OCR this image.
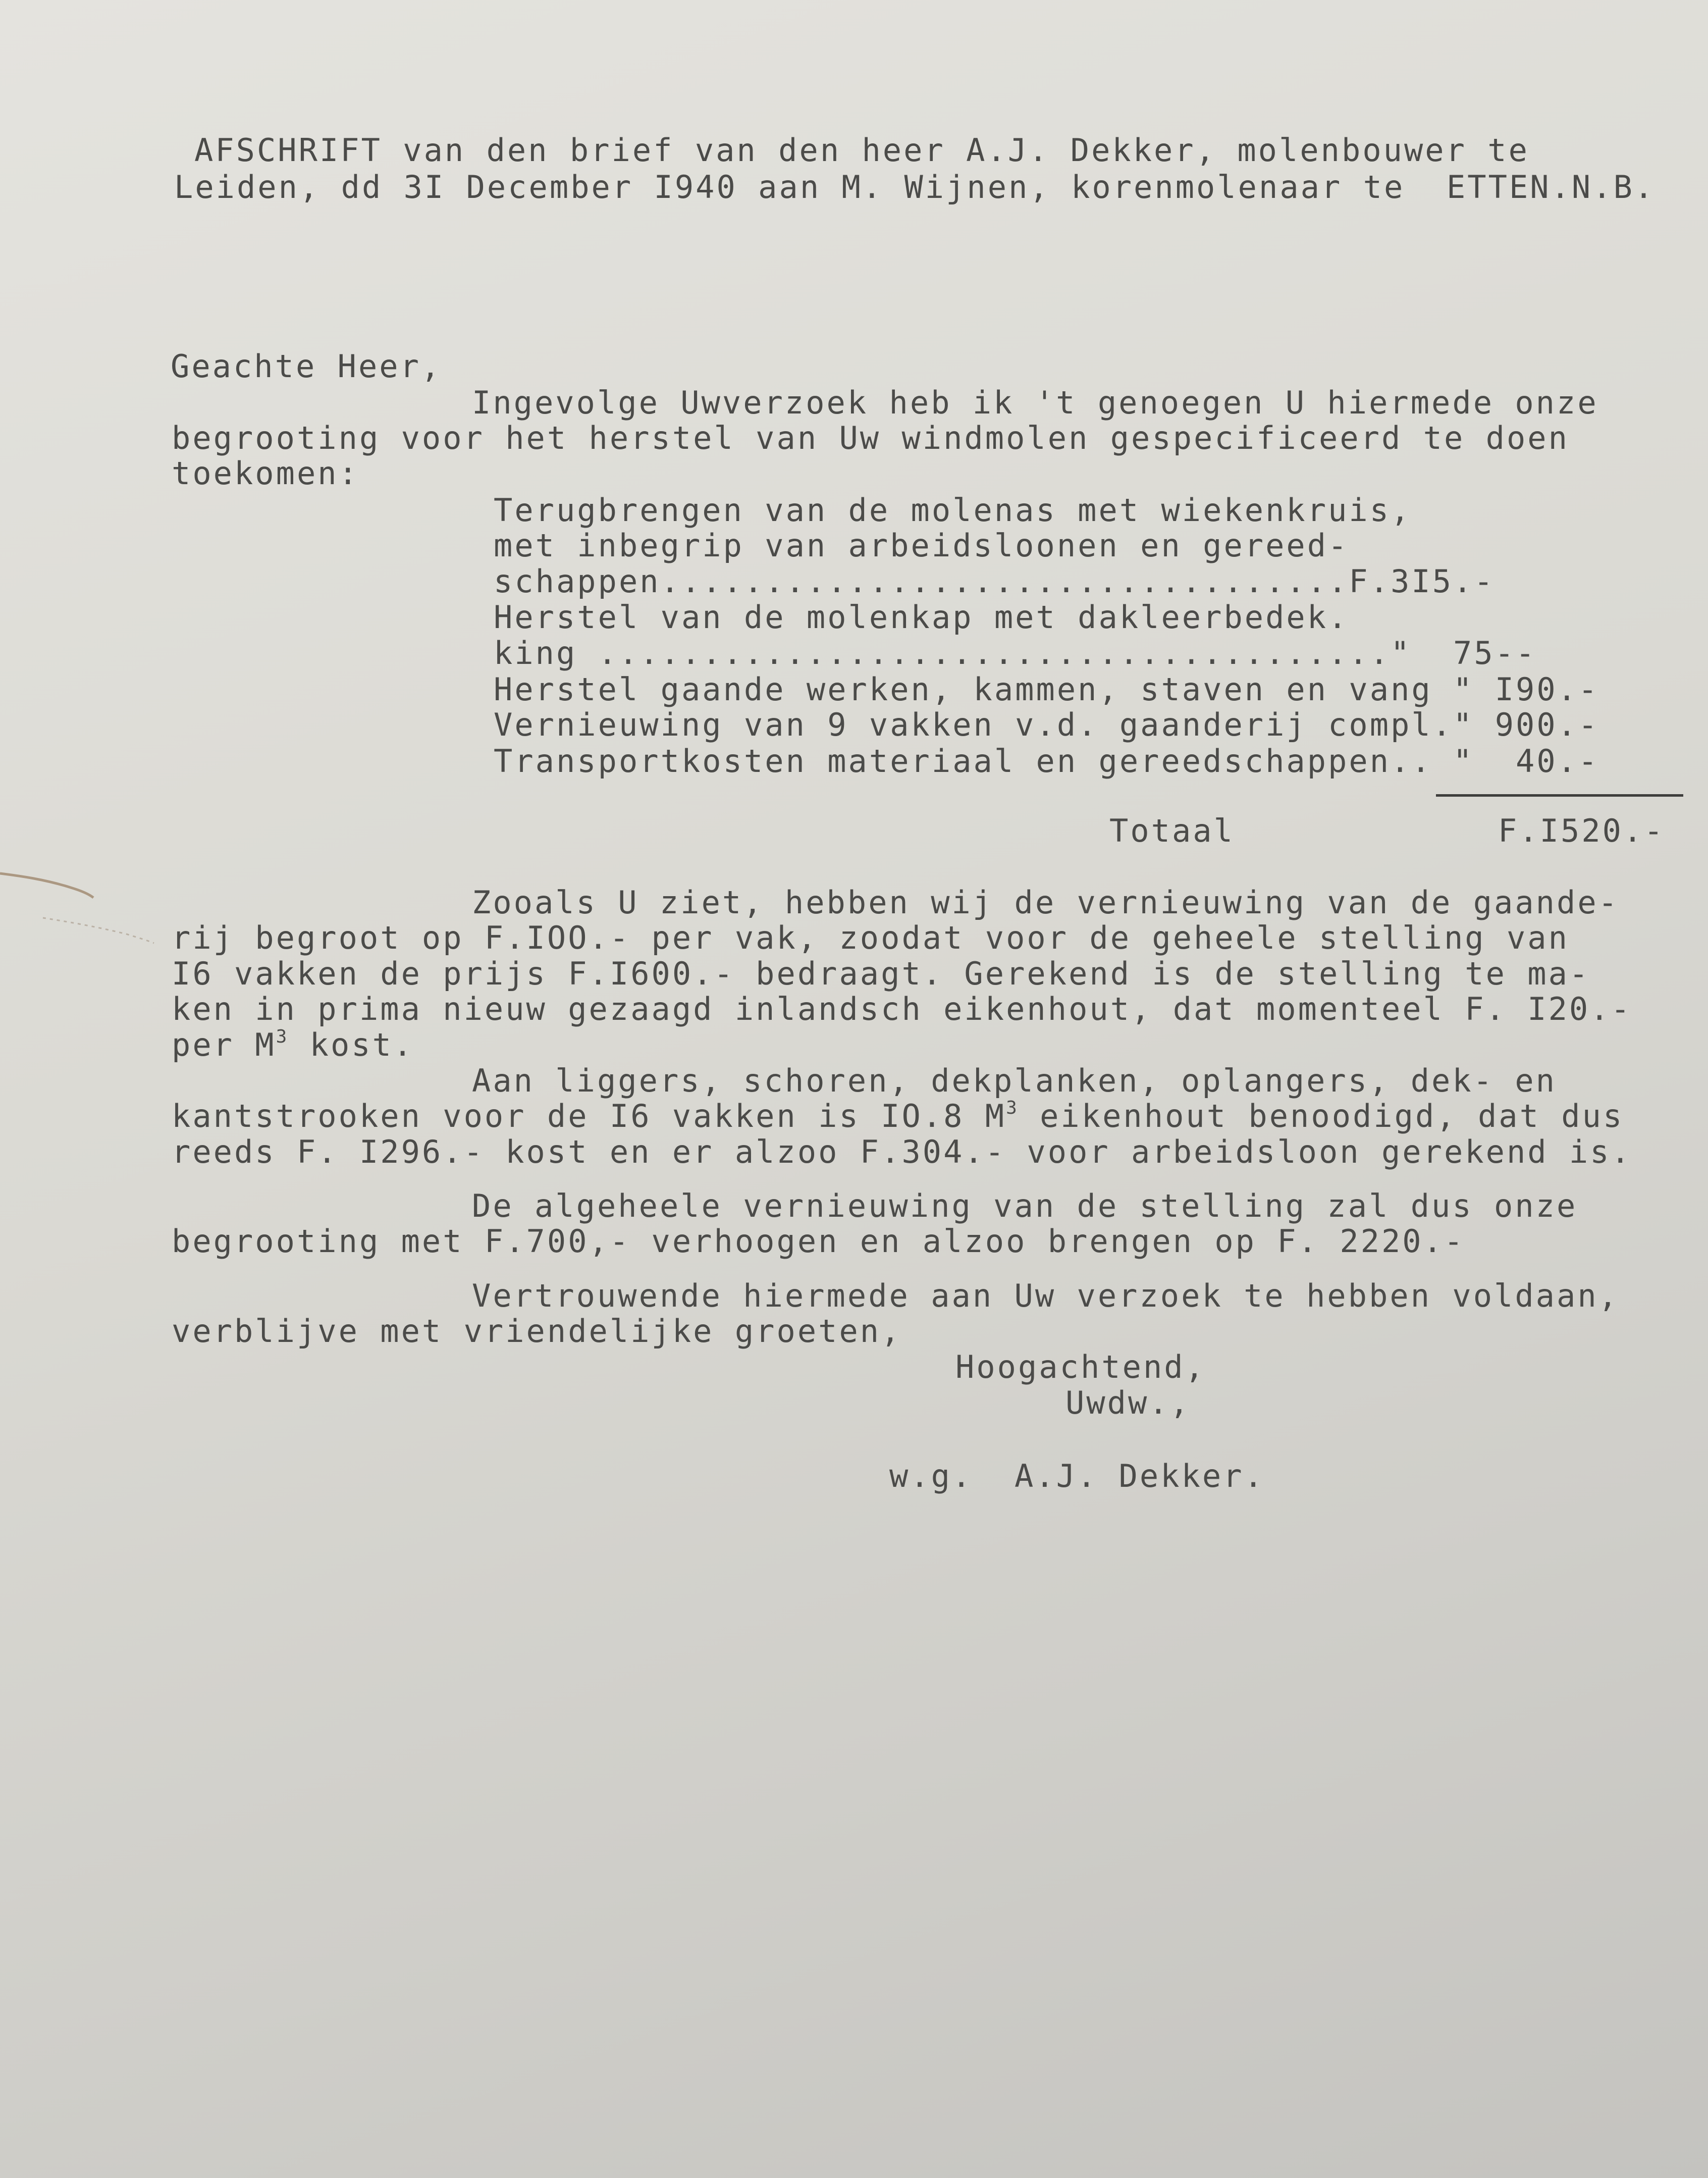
AFSCHRIFT van den brief van den heer A.J. Dekker, molenbouwer te
Leiden, dd 3I December I940 aan M. Wijnen, korenmolenaar te  ETTEN.N.B.
Geachte Heer,
Ingevolge Uwverzoek heb ik 't genoegen U hiermede onze
begrooting voor het herstel van Uw windmolen gespecificeerd te doen
toekomen:
Terugbrengen van de molenas met wiekenkruis,
met inbegrip van arbeidsloonen en gereed-
schappen.................................F.3I5.-
Herstel van de molenkap met dakleerbedek.
king ......................................"  75--
Herstel gaande werken, kammen, staven en vang " I90.-
Vernieuwing van 9 vakken v.d. gaanderij compl." 900.-
Transportkosten materiaal en gereedschappen.. "  40.-
Totaal	F.I520.-
Zooals U ziet, hebben wij de vernieuwing van de gaande-
rij begroot op F.IOO.- per vak, zoodat voor de geheele stelling van
I6 vakken de prijs F.I600.- bedraagt. Gerekend is de stelling te ma-
ken in prima nieuw gezaagd inlandsch eikenhout, dat momenteel F. I20.-
per $M^3$ kost.
Aan liggers, schoren, dekplanken, oplangers, dek- en
kantstrooken voor de I6 vakken is IO.8 $M^3$ eikenhout benoodigd, dat dus
reeds F. I296.- kost en er alzoo F.304.- voor arbeidsloon gerekend is.
De algeheele vernieuwing van de stelling zal dus onze
begrooting met F.700,- verhoogen en alzoo brengen op F. 2220.-
Vertrouwende hiermede aan Uw verzoek te hebben voldaan,
verblijve met vriendelijke groeten,
Hoogachtend,
Uwdw.,
w.g.  A.J. Dekker.
